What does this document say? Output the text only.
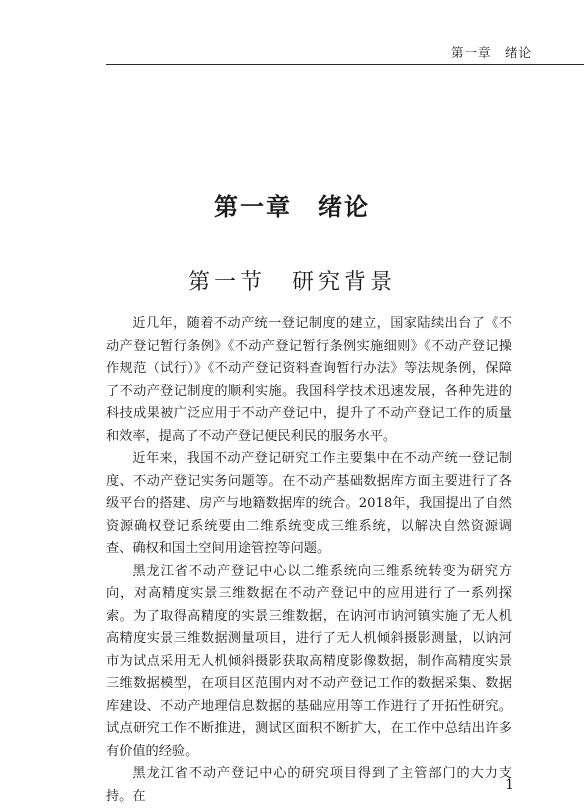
第一章　绪论
第一章　绪论
第一节　研究背景

近几年，随着不动产统一登记制度的建立，国家陆续出台了《不动产登记暂行条例》《不动产登记暂行条例实施细则》《不动产登记操作规范（试行）》《不动产登记资料查询暂行办法》等法规条例，保障了不动产登记制度的顺利实施。我国科学技术迅速发展，各种先进的科技成果被广泛应用于不动产登记中，提升了不动产登记工作的质量和效率，提高了不动产登记便民利民的服务水平。

近年来，我国不动产登记研究工作主要集中在不动产统一登记制度、不动产登记实务问题等。在不动产基础数据库方面主要进行了各级平台的搭建、房产与地籍数据库的统合。2018年，我国提出了自然资源确权登记系统要由二维系统变成三维系统，以解决自然资源调查、确权和国土空间用途管控等问题。

黑龙江省不动产登记中心以二维系统向三维系统转变为研究方向，对高精度实景三维数据在不动产登记中的应用进行了一系列探索。为了取得高精度的实景三维数据，在讷河市讷河镇实施了无人机高精度实景三维数据测量项目，进行了无人机倾斜摄影测量，以讷河市为试点采用无人机倾斜摄影获取高精度影像数据，制作高精度实景三维数据模型，在项目区范围内对不动产登记工作的数据采集、数据库建设、不动产地理信息数据的基础应用等工作进行了开拓性研究。试点研究工作不断推进，测试区面积不断扩大，在工作中总结出许多有价值的经验。

黑龙江省不动产登记中心的研究项目得到了主管部门的大力支持。在

1
